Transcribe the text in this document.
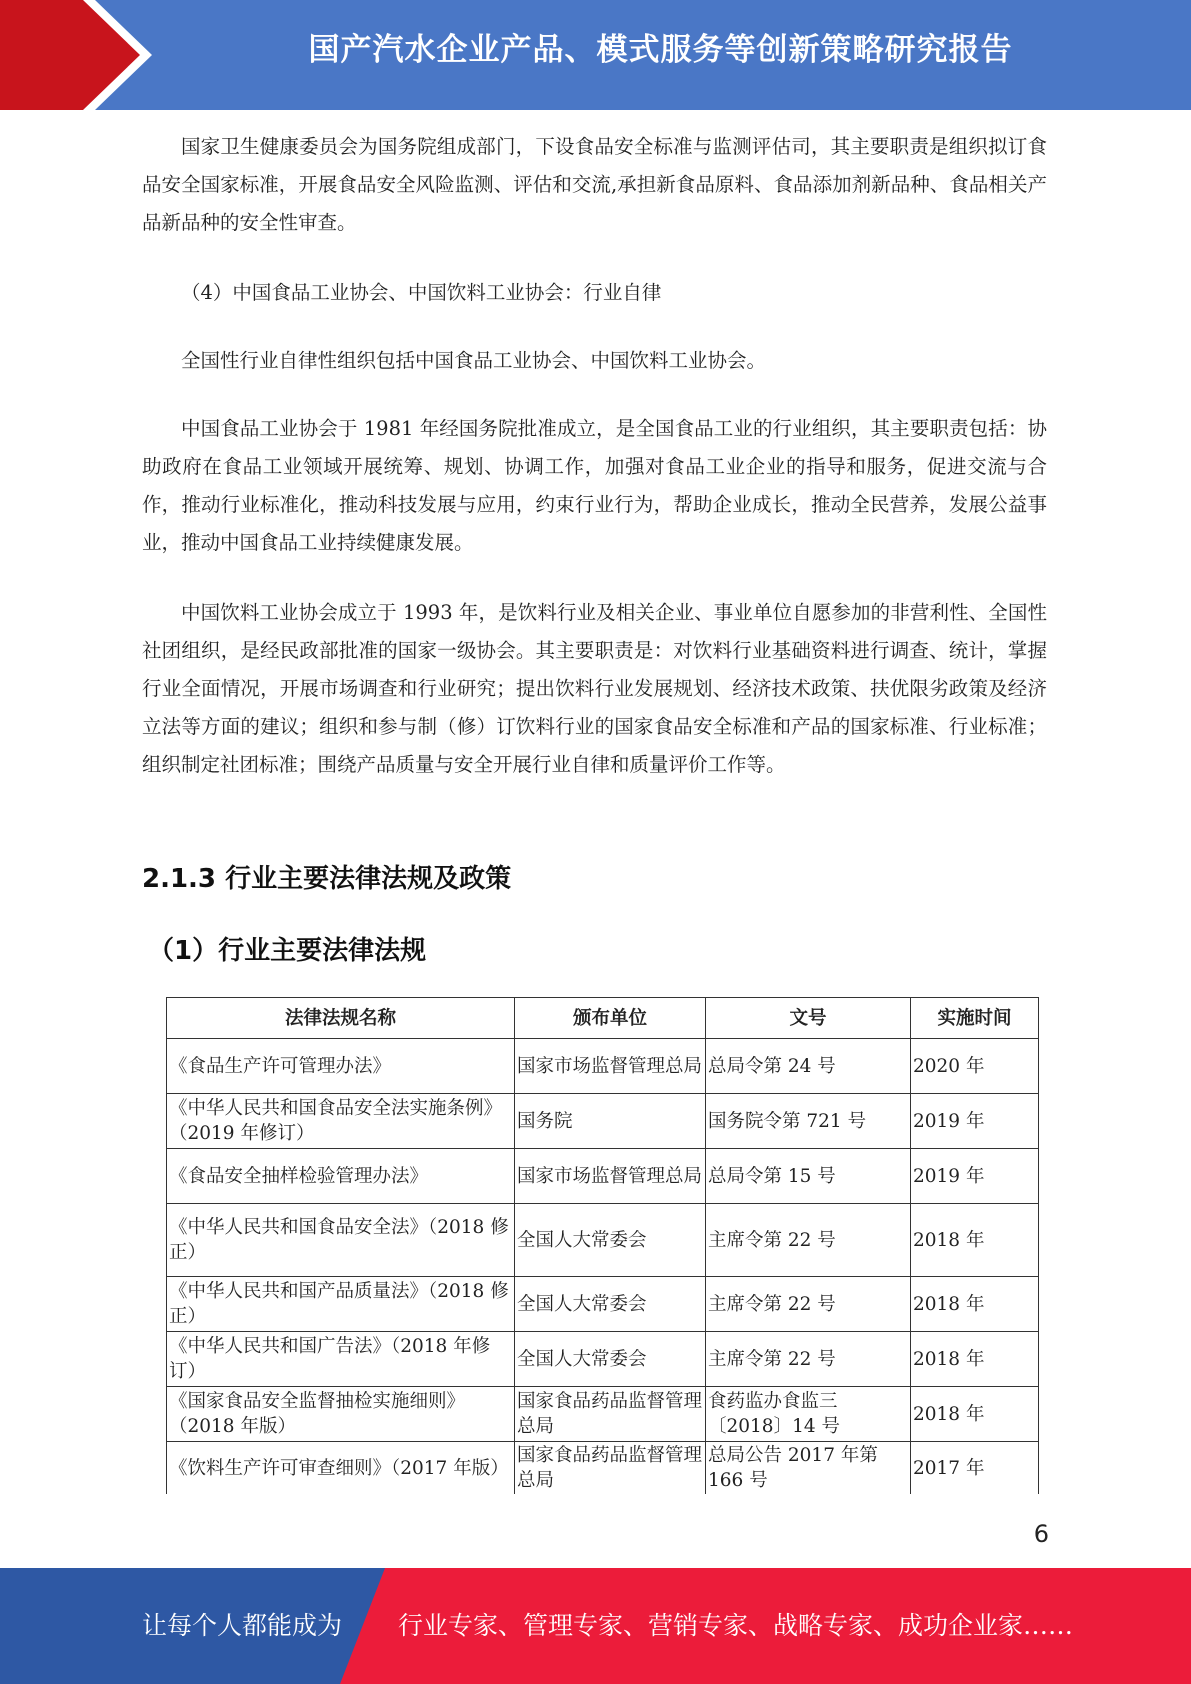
国产汽水企业产品、模式服务等创新策略研究报告

国家卫生健康委员会为国务院组成部门，下设食品安全标准与监测评估司，其主要职责是组织拟订食品安全国家标准，开展食品安全风险监测、评估和交流,承担新食品原料、食品添加剂新品种、食品相关产品新品种的安全性审查。

（4）中国食品工业协会、中国饮料工业协会：行业自律

全国性行业自律性组织包括中国食品工业协会、中国饮料工业协会。

中国食品工业协会于 1981 年经国务院批准成立，是全国食品工业的行业组织，其主要职责包括：协助政府在食品工业领域开展统筹、规划、协调工作，加强对食品工业企业的指导和服务，促进交流与合作，推动行业标准化，推动科技发展与应用，约束行业行为，帮助企业成长，推动全民营养，发展公益事业，推动中国食品工业持续健康发展。

中国饮料工业协会成立于 1993 年，是饮料行业及相关企业、事业单位自愿参加的非营利性、全国性社团组织，是经民政部批准的国家一级协会。其主要职责是：对饮料行业基础资料进行调查、统计，掌握行业全面情况，开展市场调查和行业研究；提出饮料行业发展规划、经济技术政策、扶优限劣政策及经济立法等方面的建议；组织和参与制（修）订饮料行业的国家食品安全标准和产品的国家标准、行业标准；组织制定社团标准；围绕产品质量与安全开展行业自律和质量评价工作等。

2.1.3 行业主要法律法规及政策
（1）行业主要法律法规
法律法规名称	颁布单位	文号	实施时间
《食品生产许可管理办法》	国家市场监督管理总局	总局令第 24 号	2020 年
《中华人民共和国食品安全法实施条例》（2019 年修订）	国务院	国务院令第 721 号	2019 年
《食品安全抽样检验管理办法》	国家市场监督管理总局	总局令第 15 号	2019 年
《中华人民共和国食品安全法》（2018 修正）	全国人大常委会	主席令第 22 号	2018 年
《中华人民共和国产品质量法》（2018 修正）	全国人大常委会	主席令第 22 号	2018 年
《中华人民共和国广告法》（2018 年修订）	全国人大常委会	主席令第 22 号	2018 年
《国家食品安全监督抽检实施细则》（2018 年版）	国家食品药品监督管理总局	食药监办食监三〔2018〕14 号	2018 年
《饮料生产许可审查细则》（2017 年版）	国家食品药品监督管理总局	总局公告 2017 年第 166 号	2017 年
6
让每个人都能成为 行业专家、管理专家、营销专家、战略专家、成功企业家……
